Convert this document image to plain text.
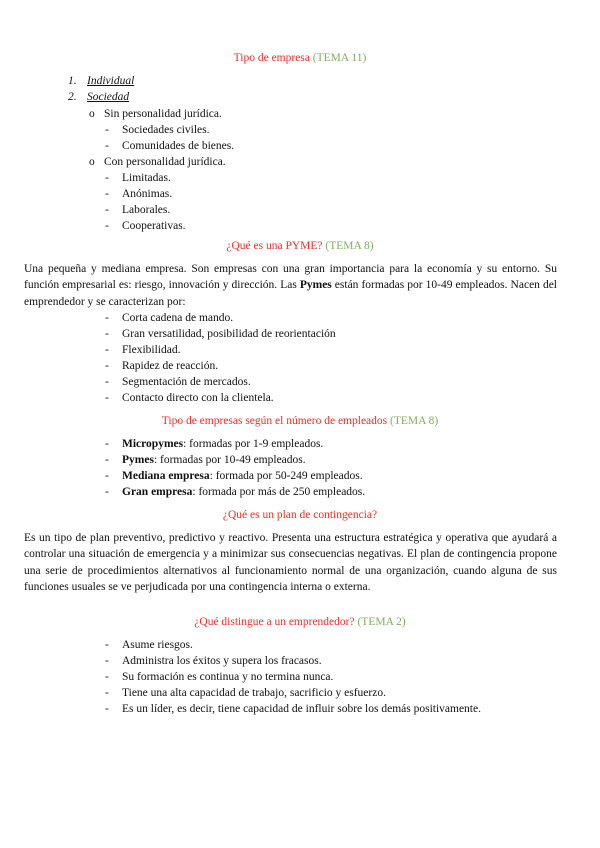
Tipo de empresa (TEMA 11)
1. Individual
2. Sociedad
o Sin personalidad jurídica.
- Sociedades civiles.
- Comunidades de bienes.
o Con personalidad jurídica.
- Limitadas.
- Anónimas.
- Laborales.
- Cooperativas.
¿Qué es una PYME? (TEMA 8)
Una pequeña y mediana empresa. Son empresas con una gran importancia para la economía y su entorno. Su función empresarial es: riesgo, innovación y dirección. Las Pymes están formadas por 10-49 empleados. Nacen del emprendedor y se caracterizan por:
- Corta cadena de mando.
- Gran versatilidad, posibilidad de reorientación
- Flexibilidad.
- Rapidez de reacción.
- Segmentación de mercados.
- Contacto directo con la clientela.
Tipo de empresas según el número de empleados (TEMA 8)
- Micropymes: formadas por 1-9 empleados.
- Pymes: formadas por 10-49 empleados.
- Mediana empresa: formada por 50-249 empleados.
- Gran empresa: formada por más de 250 empleados.
¿Qué es un plan de contingencia?
Es un tipo de plan preventivo, predictivo y reactivo. Presenta una estructura estratégica y operativa que ayudará a controlar una situación de emergencia y a minimizar sus consecuencias negativas. El plan de contingencia propone una serie de procedimientos alternativos al funcionamiento normal de una organización, cuando alguna de sus funciones usuales se ve perjudicada por una contingencia interna o externa.
¿Qué distingue a un emprendedor? (TEMA 2)
- Asume riesgos.
- Administra los éxitos y supera los fracasos.
- Su formación es continua y no termina nunca.
- Tiene una alta capacidad de trabajo, sacrificio y esfuerzo.
- Es un líder, es decir, tiene capacidad de influir sobre los demás positivamente.
